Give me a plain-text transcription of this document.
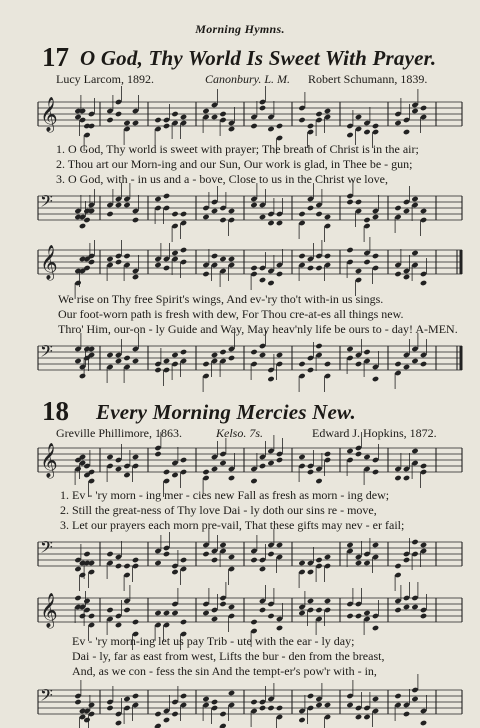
Morning Hymns.
17 O God, Thy World Is Sweet With Prayer.
Lucy Larcom, 1892.	Canonbury. L. M. Robert Schumann, 1839.
𝄞
1. O God, Thy world is sweet with prayer; The breath of Christ is in the air;
2. Thou art our Morn-ing and our Sun, Our work is glad, in Thee be - gun;
3. O God, with - in us and a - bove, Close to us in the Christ we love,
𝄢
𝄞
We rise on Thy free Spirit's wings, And ev-'ry tho't with-in us sings.
Our foot-worn path is fresh with dew, For Thou cre-at-es all things new.
Thro' Him, our-on - ly Guide and Way, May heav'nly life be ours to - day! A-MEN.
𝄢
18 Every Morning Mercies New.
Greville Phillimore, 1863.	Kelso. 7s.	Edward J. Hopkins, 1872.
𝄞
1. Ev - 'ry morn - ing mer - cies new Fall as fresh as morn - ing dew;
2. Still the great-ness of Thy love Dai - ly doth our sins re - move,
3. Let our prayers each morn pre-vail, That these gifts may nev - er fail;
𝄢
𝄞
Ev - 'ry morn-ing let us pay Trib - ute with the ear - ly day;
Dai - ly, far as east from west, Lifts the bur - den from the breast,
And, as we con - fess the sin And the tempt-er's pow'r with - in,
𝄢
